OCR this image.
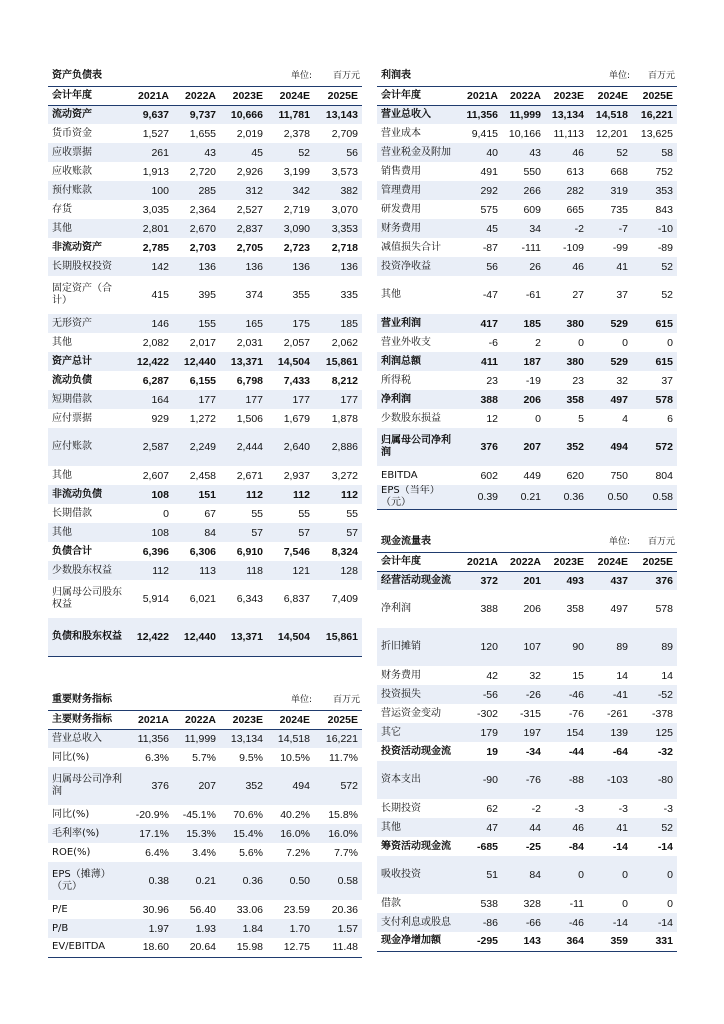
资产负债表				单位:	百万元
会计年度	2021A	2022A	2023E	2024E	2025E
流动资产	9,637	9,737	10,666	11,781	13,143
货币资金	1,527	1,655	2,019	2,378	2,709
应收票据	261	43	45	52	56
应收账款	1,913	2,720	2,926	3,199	3,573
预付账款	100	285	312	342	382
存货	3,035	2,364	2,527	2,719	3,070
其他	2,801	2,670	2,837	3,090	3,353
非流动资产	2,785	2,703	2,705	2,723	2,718
长期股权投资	142	136	136	136	136
固定资产（合计）	415	395	374	355	335
无形资产	146	155	165	175	185
其他	2,082	2,017	2,031	2,057	2,062
资产总计	12,422	12,440	13,371	14,504	15,861
流动负债	6,287	6,155	6,798	7,433	8,212
短期借款	164	177	177	177	177
应付票据	929	1,272	1,506	1,679	1,878
应付账款	2,587	2,249	2,444	2,640	2,886
其他	2,607	2,458	2,671	2,937	3,272
非流动负债	108	151	112	112	112
长期借款	0	67	55	55	55
其他	108	84	57	57	57
负债合计	6,396	6,306	6,910	7,546	8,324
少数股东权益	112	113	118	121	128
归属母公司股东权益	5,914	6,021	6,343	6,837	7,409
负债和股东权益	12,422	12,440	13,371	14,504	15,861
重要财务指标				单位:	百万元
主要财务指标	2021A	2022A	2023E	2024E	2025E
营业总收入	11,356	11,999	13,134	14,518	16,221
同比(%)	6.3%	5.7%	9.5%	10.5%	11.7%
归属母公司净利润	376	207	352	494	572
同比(%)	-20.9%	-45.1%	70.6%	40.2%	15.8%
毛利率(%)	17.1%	15.3%	15.4%	16.0%	16.0%
ROE(%)	6.4%	3.4%	5.6%	7.2%	7.7%
EPS（摊薄）（元）	0.38	0.21	0.36	0.50	0.58
P/E	30.96	56.40	33.06	23.59	20.36
P/B	1.97	1.93	1.84	1.70	1.57
EV/EBITDA	18.60	20.64	15.98	12.75	11.48
利润表				单位:	百万元
会计年度	2021A	2022A	2023E	2024E	2025E
营业总收入	11,356	11,999	13,134	14,518	16,221
营业成本	9,415	10,166	11,113	12,201	13,625
营业税金及附加	40	43	46	52	58
销售费用	491	550	613	668	752
管理费用	292	266	282	319	353
研发费用	575	609	665	735	843
财务费用	45	34	-2	-7	-10
减值损失合计	-87	-111	-109	-99	-89
投资净收益	56	26	46	41	52
其他	-47	-61	27	37	52
营业利润	417	185	380	529	615
营业外收支	-6	2	0	0	0
利润总额	411	187	380	529	615
所得税	23	-19	23	32	37
净利润	388	206	358	497	578
少数股东损益	12	0	5	4	6
归属母公司净利润	376	207	352	494	572
EBITDA	602	449	620	750	804
EPS（当年）（元）	0.39	0.21	0.36	0.50	0.58
现金流量表				单位:	百万元
会计年度	2021A	2022A	2023E	2024E	2025E
经营活动现金流	372	201	493	437	376
净利润	388	206	358	497	578
折旧摊销	120	107	90	89	89
财务费用	42	32	15	14	14
投资损失	-56	-26	-46	-41	-52
营运资金变动	-302	-315	-76	-261	-378
其它	179	197	154	139	125
投资活动现金流	19	-34	-44	-64	-32
资本支出	-90	-76	-88	-103	-80
长期投资	62	-2	-3	-3	-3
其他	47	44	46	41	52
筹资活动现金流	-685	-25	-84	-14	-14
吸收投资	51	84	0	0	0
借款	538	328	-11	0	0
支付利息或股息	-86	-66	-46	-14	-14
现金净增加额	-295	143	364	359	331
